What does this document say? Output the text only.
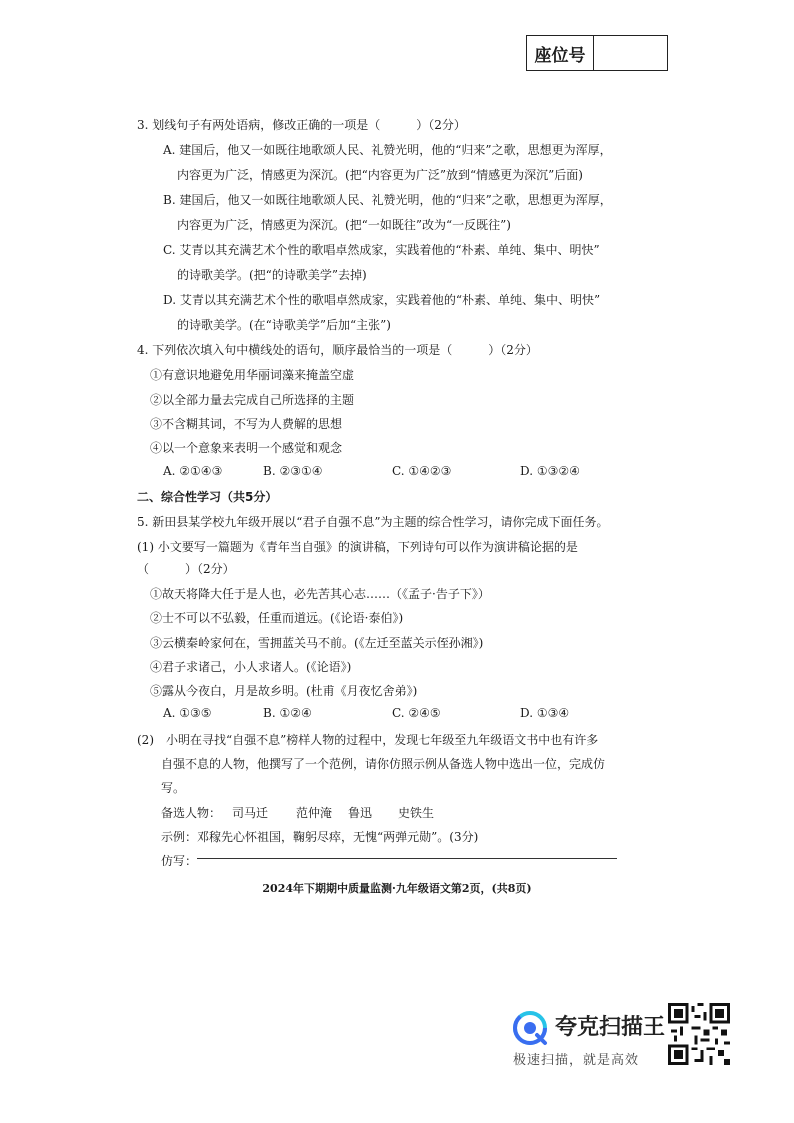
座位号
3. 划线句子有两处语病，修改正确的一项是（　　　）（2分）
A. 建国后，他又一如既往地歌颂人民、礼赞光明，他的“归来”之歌，思想更为浑厚，
内容更为广泛，情感更为深沉。(把“内容更为广泛”放到“情感更为深沉”后面)
B. 建国后，他又一如既往地歌颂人民、礼赞光明，他的“归来”之歌，思想更为浑厚，
内容更为广泛，情感更为深沉。(把“一如既往”改为“一反既往”)
C. 艾青以其充满艺术个性的歌唱卓然成家，实践着他的“朴素、单纯、集中、明快”
的诗歌美学。(把“的诗歌美学”去掉)
D. 艾青以其充满艺术个性的歌唱卓然成家，实践着他的“朴素、单纯、集中、明快”
的诗歌美学。(在“诗歌美学”后加“主张”)
4. 下列依次填入句中横线处的语句，顺序最恰当的一项是（　　　）（2分）
①有意识地避免用华丽词藻来掩盖空虚
②以全部力量去完成自己所选择的主题
③不含糊其词，不写为人费解的思想
④以一个意象来表明一个感觉和观念
A. ②①④③	B. ②③①④	C. ①④②③	D. ①③②④
二、综合性学习（共5分）
5. 新田县某学校九年级开展以“君子自强不息”为主题的综合性学习，请你完成下面任务。
(1) 小文要写一篇题为《青年当自强》的演讲稿，下列诗句可以作为演讲稿论据的是
（　　　）（2分）
①故天将降大任于是人也，必先苦其心志……（《孟子·告子下》）
②士不可以不弘毅，任重而道远。(《论语·泰伯》)
③云横秦岭家何在，雪拥蓝关马不前。(《左迁至蓝关示侄孙湘》)
④君子求诸己，小人求诸人。(《论语》)
⑤露从今夜白，月是故乡明。(杜甫《月夜忆舍弟》)
A. ①③⑤	B. ①②④	C. ②④⑤	D. ①③④
(2)　小明在寻找“自强不息”榜样人物的过程中，发现七年级至九年级语文书中也有许多
自强不息的人物，他撰写了一个范例，请你仿照示例从备选人物中选出一位，完成仿
写。
备选人物： 司马迁 范仲淹 鲁迅 史铁生
示例：邓稼先心怀祖国，鞠躬尽瘁，无愧“两弹元勋”。(3分)
仿写：
2024年下期期中质量监测·九年级语文第2页，(共8页)
夸克扫描王
极速扫描，就是高效
